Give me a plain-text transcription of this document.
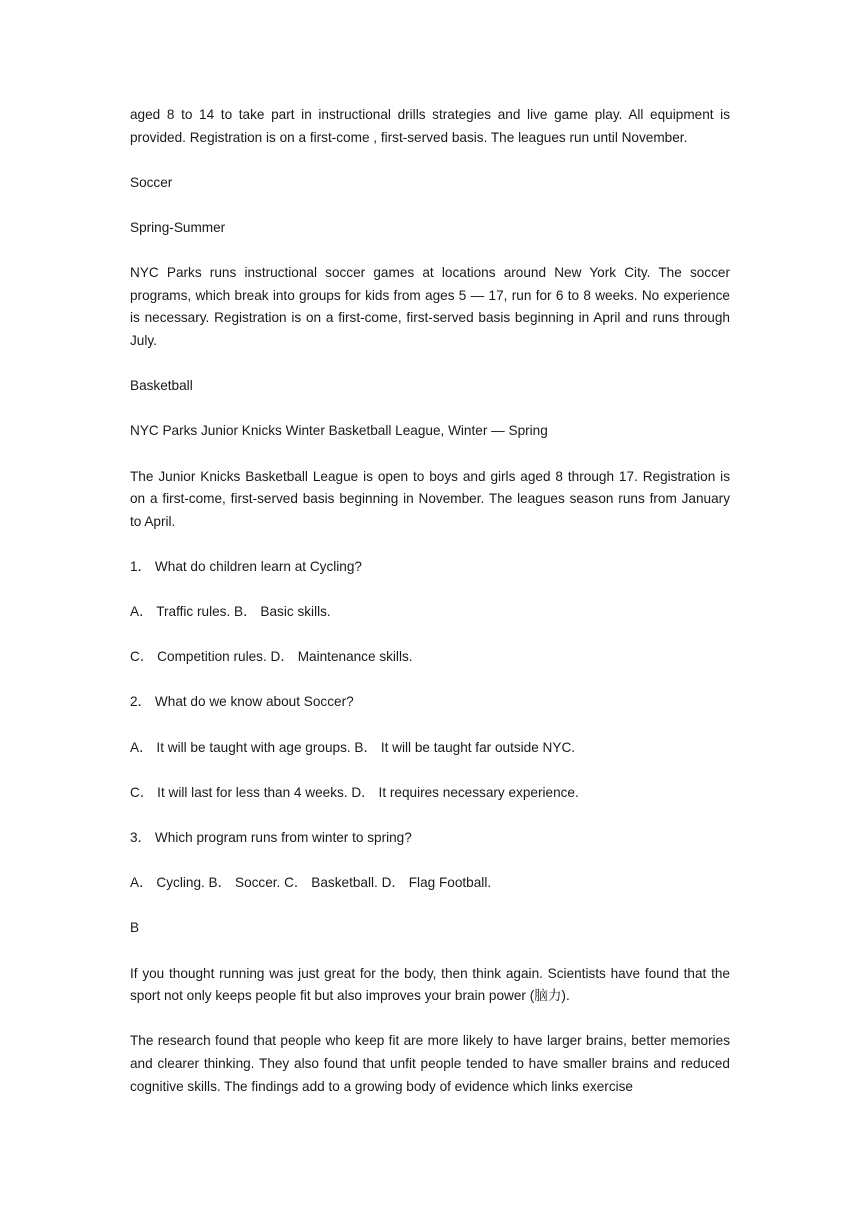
aged 8 to 14 to take part in instructional drills strategies and live game play. All equipment is provided. Registration is on a first-come , first-served basis. The leagues run until November.

Soccer

Spring-Summer

NYC Parks runs instructional soccer games at locations around New York City. The soccer programs, which break into groups for kids from ages 5 — 17, run for 6 to 8 weeks. No experience is necessary. Registration is on a first-come, first-served basis beginning in April and runs through July.

Basketball

NYC Parks Junior Knicks Winter Basketball League, Winter — Spring

The Junior Knicks Basketball League is open to boys and girls aged 8 through 17. Registration is on a first-come, first-served basis beginning in November. The leagues season runs from January to April.

1． What do children learn at Cycling?

A． Traffic rules. B． Basic skills.

C． Competition rules. D． Maintenance skills.

2． What do we know about Soccer?

A． It will be taught with age groups. B． It will be taught far outside NYC.

C． It will last for less than 4 weeks. D． It requires necessary experience.

3． Which program runs from winter to spring?

A． Cycling. B． Soccer. C． Basketball. D． Flag Football.

B

If you thought running was just great for the body, then think again. Scientists have found that the sport not only keeps people fit but also improves your brain power (脑力).

The research found that people who keep fit are more likely to have larger brains, better memories and clearer thinking. They also found that unfit people tended to have smaller brains and reduced cognitive skills. The findings add to a growing body of evidence which links exercise
